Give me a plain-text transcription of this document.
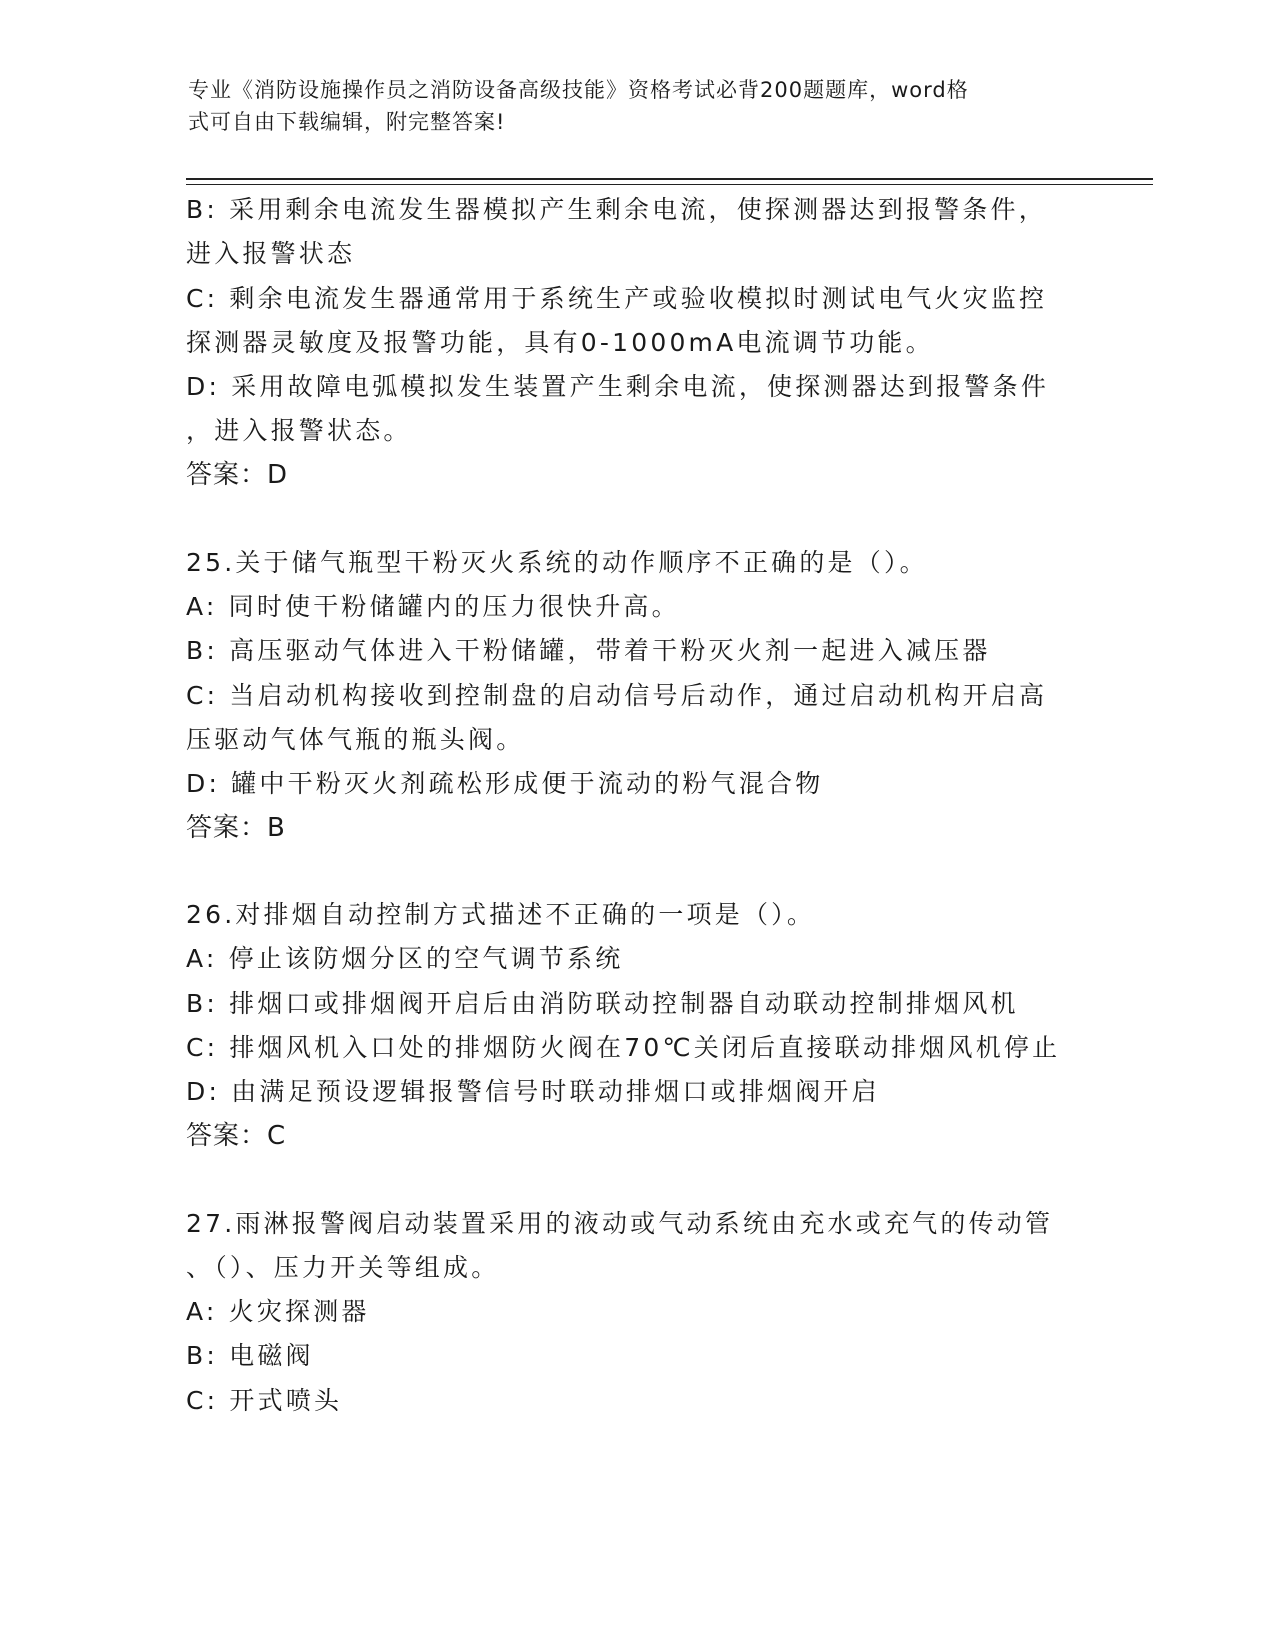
专业《消防设施操作员之消防设备高级技能》资格考试必背200题题库，word格
式可自由下载编辑，附完整答案!
B: 采用剩余电流发生器模拟产生剩余电流，使探测器达到报警条件，
进入报警状态
C: 剩余电流发生器通常用于系统生产或验收模拟时测试电气火灾监控
探测器灵敏度及报警功能，具有0-1000mA电流调节功能。
D: 采用故障电弧模拟发生装置产生剩余电流，使探测器达到报警条件
，进入报警状态。
答案：D
25.关于储气瓶型干粉灭火系统的动作顺序不正确的是（）。
A: 同时使干粉储罐内的压力很快升高。
B: 高压驱动气体进入干粉储罐，带着干粉灭火剂一起进入减压器
C: 当启动机构接收到控制盘的启动信号后动作，通过启动机构开启高
压驱动气体气瓶的瓶头阀。
D: 罐中干粉灭火剂疏松形成便于流动的粉气混合物
答案：B
26.对排烟自动控制方式描述不正确的一项是（）。
A: 停止该防烟分区的空气调节系统
B: 排烟口或排烟阀开启后由消防联动控制器自动联动控制排烟风机
C: 排烟风机入口处的排烟防火阀在70℃关闭后直接联动排烟风机停止
D: 由满足预设逻辑报警信号时联动排烟口或排烟阀开启
答案：C
27.雨淋报警阀启动装置采用的液动或气动系统由充水或充气的传动管
、（）、压力开关等组成。
A: 火灾探测器
B: 电磁阀
C: 开式喷头
